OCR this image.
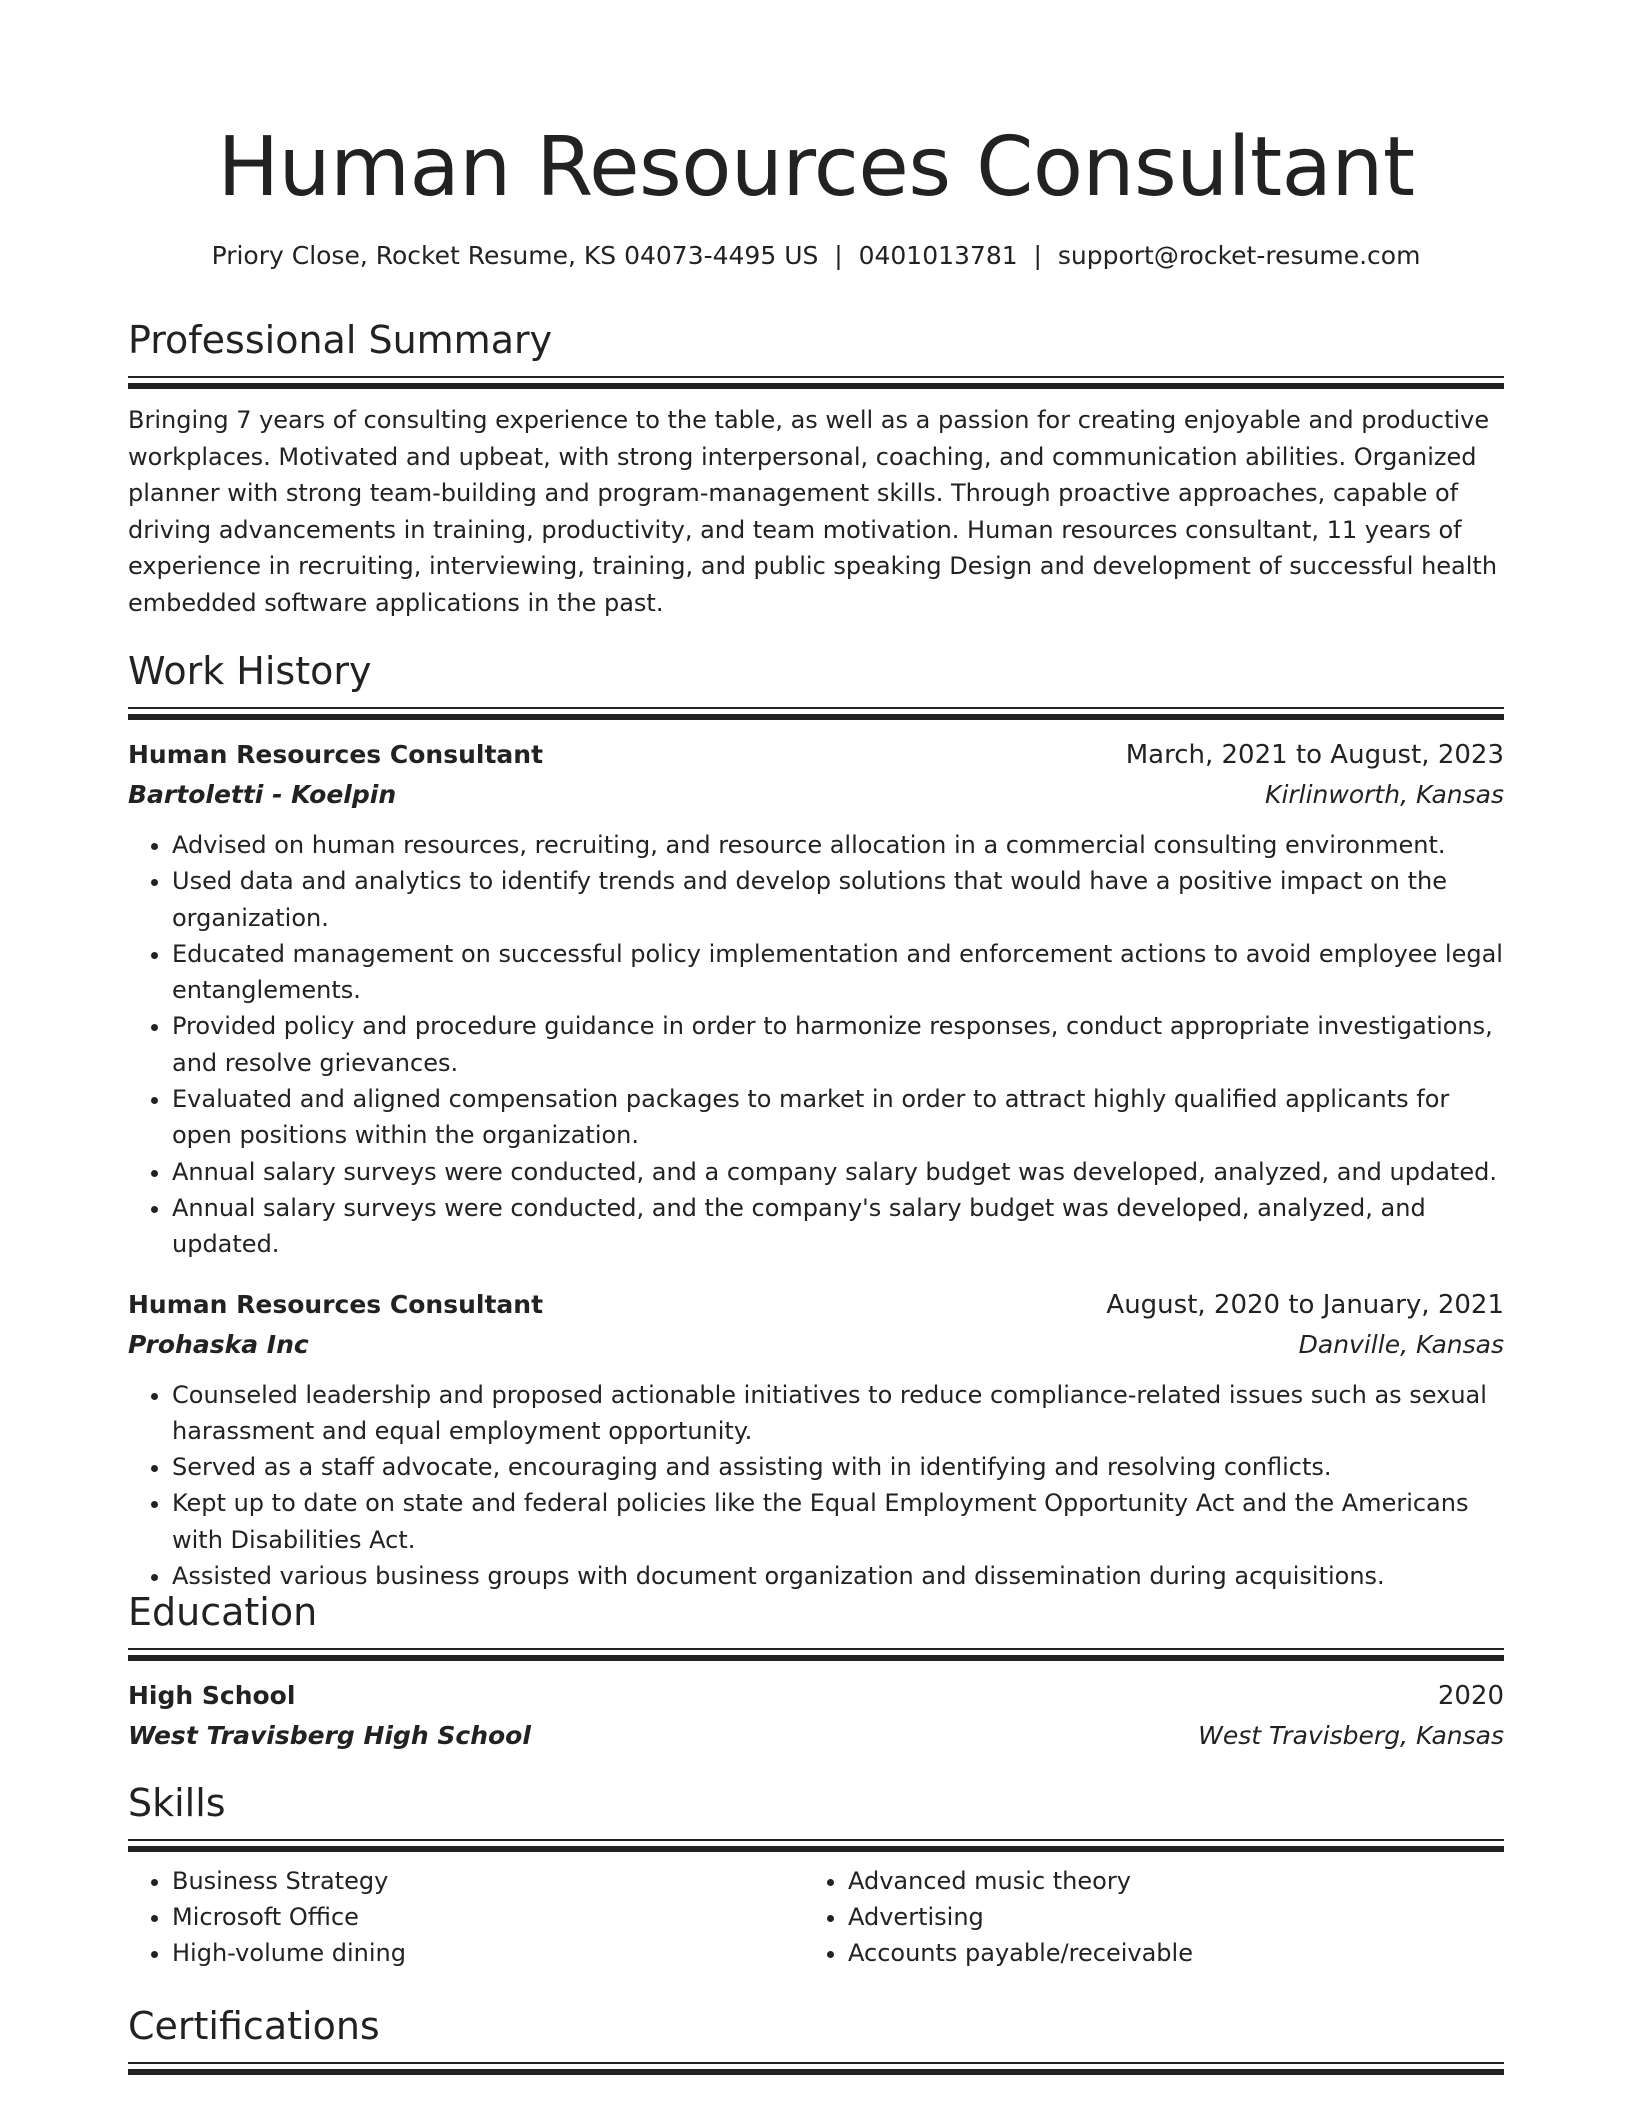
Human Resources Consultant
Priory Close, Rocket Resume, KS 04073-4495 US  |  0401013781  |  support@rocket-resume.com
Professional Summary

Bringing 7 years of consulting experience to the table, as well as a passion for creating enjoyable and productive workplaces. Motivated and upbeat, with strong interpersonal, coaching, and communication abilities. Organized planner with strong team-building and program-management skills. Through proactive approaches, capable of driving advancements in training, productivity, and team motivation. Human resources consultant, 11 years of experience in recruiting, interviewing, training, and public speaking Design and development of successful health embedded software applications in the past.

Work History
Human Resources Consultant	March, 2021 to August, 2023
Bartoletti - Koelpin	Kirlinworth, Kansas
• Advised on human resources, recruiting, and resource allocation in a commercial consulting environment.
• Used data and analytics to identify trends and develop solutions that would have a positive impact on the organization.
• Educated management on successful policy implementation and enforcement actions to avoid employee legal entanglements.
• Provided policy and procedure guidance in order to harmonize responses, conduct appropriate investigations, and resolve grievances.
• Evaluated and aligned compensation packages to market in order to attract highly qualified applicants for open positions within the organization.
• Annual salary surveys were conducted, and a company salary budget was developed, analyzed, and updated.
• Annual salary surveys were conducted, and the company's salary budget was developed, analyzed, and updated.
Human Resources Consultant	August, 2020 to January, 2021
Prohaska Inc	Danville, Kansas
• Counseled leadership and proposed actionable initiatives to reduce compliance-related issues such as sexual harassment and equal employment opportunity.
• Served as a staff advocate, encouraging and assisting with in identifying and resolving conflicts.
• Kept up to date on state and federal policies like the Equal Employment Opportunity Act and the Americans with Disabilities Act.
• Assisted various business groups with document organization and dissemination during acquisitions.
Education
High School	2020
West Travisberg High School	West Travisberg, Kansas
Skills
• Business Strategy
• Microsoft Office
• High-volume dining
• Advanced music theory
• Advertising
• Accounts payable/receivable
Certifications
